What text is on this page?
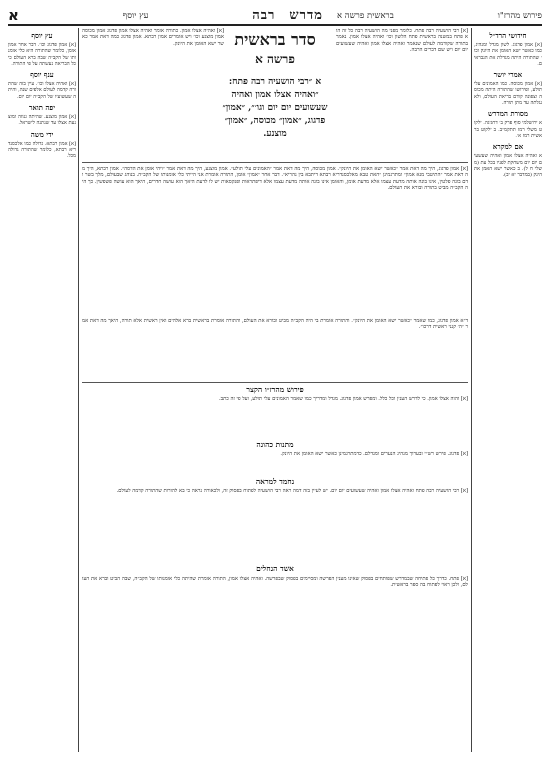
פירוש מהרז"ו
בראשית פרשה א
מדרש
רבה
עץ יוסף
א
חידושי הרד״ל
[א] אמון פדגוג. לשון מגדל ומנהיג, כמו כאשר ישא האומן את היונק וכו׳ שהתורה היתה מגדלת את הנבראים.
אמרי יושר
[א] אמון מכוסה. כמו האמונים עלי תולע, ופירושו שהתורה היתה מכוסה וצפונה קודם בריאת העולם, ולא נגלתה עד מתן תורה.
מסורת המדרש
א ירושלמי סוף פרק ב׳ דחגיגה. ילקוט משלי רמז תתקמ״ב. ב ילקוט בראשית רמז א׳.
אם למקרא
א ואהיה אצלו אמון ואהיה שעשעים יום יום משחקת לפניו בכל עת (משלי ח ל). ב כאשר ישא האמן את הינק (במדבר יא יב).
עץ יוסף
[א] אמון פדגוג וכו׳. דבר אחר אמון אומן, כלומר שהתורה היא כלי אומנותו של הקב״ה שבה ברא העולם כי כל הבריאה נעשתה על פי התורה.
ענף יוסף
[א] ואהיה אצלו וכו׳. עיין בזה שהתורה קדמה לעולם אלפים שנה, והיתה שעשועיו של הקב״ה יום יום.
יפה תואר
[א] אמון מוצנע. שהיתה גנוזה ומוצנעת אצלו עד שנתנה לישראל.
ידי משה
[א] אמון רבתא. גדולה כמו אלכסנדריא רבתא, כלומר שהתורה גדולה מכל.
[א] רבי הושעיה רבה פתח. כלומר מפני מה הושעיה רבה כל זה הוא פתח במשנה בראשית פתח הלשון וכו׳ ואהיה אצלו אמון. נאמר בתורה שקודמה לעולם שנאמר ואהיה אצלו אמון ואהיה שעשועים יום יום ויש שם דברים הרבה.
[א] ואהיה אצלו אמון. כתורה אומר ואהיה אצלו אמון פדגוג אמון מכוסה אמון מוצנע וכו׳ ויש אומרים אמון רבתא. אמון פדגוג כמה דאת אמר כאשר ישא האומן את היונק. סדר בראשית
פרשה א
א ״רבי הושעיה רבה פתח: ״ואהיה אצלו אמון ואהיה שעשועים יום יום וגו׳״, ״אמון״ פדגוג, ״אמון״ מכוסה, ״אמון״ מוצנע.
[א] אמון פדגוג, היך מה דאת אמר ״כאשר ישא האומן את היונק״. אמון מכוסה, היך מה דאת אמר ״האמונים עלי תולע״. אמון מוצנע, היך מה דאת אמר ״ויהי אומן את הדסה״. אמון רבתא, היך מה דאת אמר ״התיטבי מנא אמון״ ומתרגמינן ״האת טבא מאלכסנדריא רבתא דיתבא בין נהריא״. דבר אחר ״אמון״ אומן, התורה אומרת אני הייתי כלי אומנותו של הקב״ה. בנוהג שבעולם, מלך בשר ודם בונה פלטין, אינו בונה אותה מדעת עצמו אלא מדעת אומן, והאומן אינו בונה אותה מדעת עצמו אלא דיפתראות ופנקסאות יש לו לדעת היאך הוא עושה חדרים, היאך הוא עושה פשפשין. כך היה הקב״ה מביט בתורה ובורא את העולם.
ד״א אמון פדגוג, כמו שאמר ״כאשר ישא האומן את היונק״. והתורה אומרת בי היה הקב״ה מביט ובורא את העולם, והתורה אומרת בראשית ברא אלהים ואין ראשית אלא תורה, היאך מה דאת אמר ״ה׳ קנני ראשית דרכו״.
פירוש מהרז״ו הקצר
[א] והוה אצלו אמון. כי לדרש הענין וכל כלל. ומפרש אמון פדגוג. מגדל ומדריך כמו שאמר האמונים עלי תולע, ועל פי זה כתב.
מתנות כהונה
[א] פדגוג. פירש רש״י ובערוך מנהיג הנערים ומגדלם. כדמתרגמינן כאשר ישא האומן את היונק.
נחמד למראה
[א] רבי הושעיה רבה פתח ואהיה אצלו אמון ואהיה שעשועים יום יום. יש לעיין בזה דמה ראה רבי הושעיה לפתוח בפסוק זה, ולכאורה נראה כי בא להורות שהתורה קדמה לעולם.
אשד הנחלים
[א] פתח. כדרך כל פתיחה שבמדרש שפותחים בפסוק שאינו מענין הפרשה ומסיימים בפסוק שבפרשה. ואהיה אצלו אמון, התורה אומרת שהיתה כלי אומנותו של הקב״ה, שבה הביט וברא את העולם, ולכן ראוי לפתוח בה ספר בראשית.
